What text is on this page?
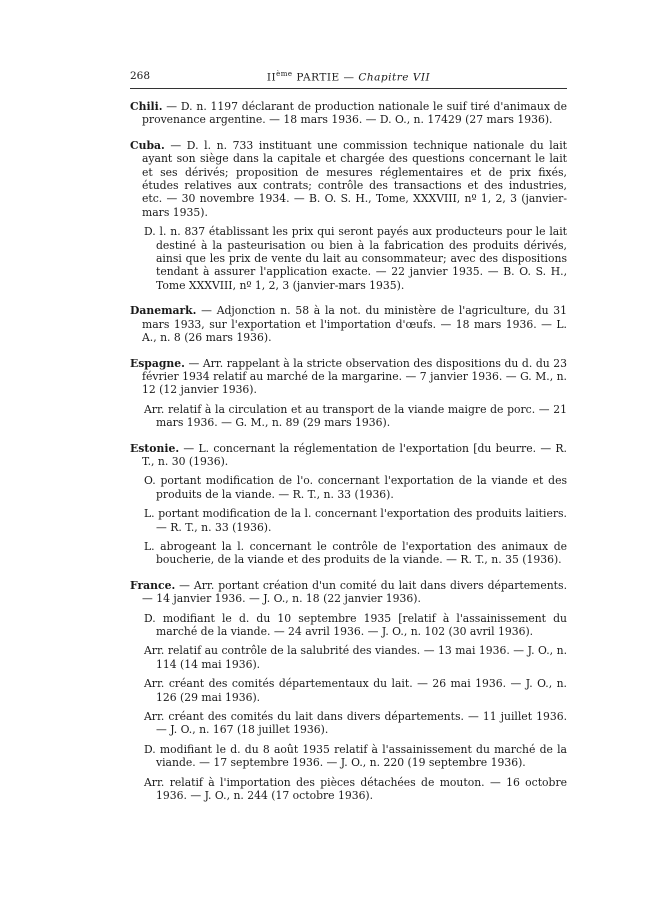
268	IIème PARTIE — Chapitre VII

Chili. — D. n. 1197 déclarant de production nationale le suif tiré d'animaux de provenance argentine. — 18 mars 1936. — D. O., n. 17429 (27 mars 1936).

Cuba. — D. l. n. 733 instituant une commission technique nationale du lait ayant son siège dans la capitale et chargée des questions concernant le lait et ses dérivés; proposition de mesures réglementaires et de prix fixés, études relatives aux contrats; contrôle des transactions et des industries, etc. — 30 novembre 1934. — B. O. S. H., Tome, XXXVIII, nº 1, 2, 3 (janvier-mars 1935).

D. l. n. 837 établissant les prix qui seront payés aux producteurs pour le lait destiné à la pasteurisation ou bien à la fabrication des produits dérivés, ainsi que les prix de vente du lait au consommateur; avec des dispositions tendant à assurer l'application exacte. — 22 janvier 1935. — B. O. S. H., Tome XXXVIII, nº 1, 2, 3 (janvier-mars 1935).

Danemark. — Adjonction n. 58 à la not. du ministère de l'agriculture, du 31 mars 1933, sur l'exportation et l'importation d'œufs. — 18 mars 1936. — L. A., n. 8 (26 mars 1936).

Espagne. — Arr. rappelant à la stricte observation des dispositions du d. du 23 février 1934 relatif au marché de la margarine. — 7 janvier 1936. — G. M., n. 12 (12 janvier 1936).

Arr. relatif à la circulation et au transport de la viande maigre de porc. — 21 mars 1936. — G. M., n. 89 (29 mars 1936).

Estonie. — L. concernant la réglementation de l'exportation [du beurre. — R. T., n. 30 (1936).

O. portant modification de l'o. concernant l'exportation de la viande et des produits de la viande. — R. T., n. 33 (1936).

L. portant modification de la l. concernant l'exportation des produits laitiers. — R. T., n. 33 (1936).

L. abrogeant la l. concernant le contrôle de l'exportation des animaux de boucherie, de la viande et des produits de la viande. — R. T., n. 35 (1936).

France. — Arr. portant création d'un comité du lait dans divers départements. — 14 janvier 1936. — J. O., n. 18 (22 janvier 1936).

D. modifiant le d. du 10 septembre 1935 [relatif à l'assainissement du marché de la viande. — 24 avril 1936. — J. O., n. 102 (30 avril 1936).

Arr. relatif au contrôle de la salubrité des viandes. — 13 mai 1936. — J. O., n. 114 (14 mai 1936).

Arr. créant des comités départementaux du lait. — 26 mai 1936. — J. O., n. 126 (29 mai 1936).

Arr. créant des comités du lait dans divers départements. — 11 juillet 1936. — J. O., n. 167 (18 juillet 1936).

D. modifiant le d. du 8 août 1935 relatif à l'assainissement du marché de la viande. — 17 septembre 1936. — J. O., n. 220 (19 septembre 1936).

Arr. relatif à l'importation des pièces détachées de mouton. — 16 octobre 1936. — J. O., n. 244 (17 octobre 1936).
